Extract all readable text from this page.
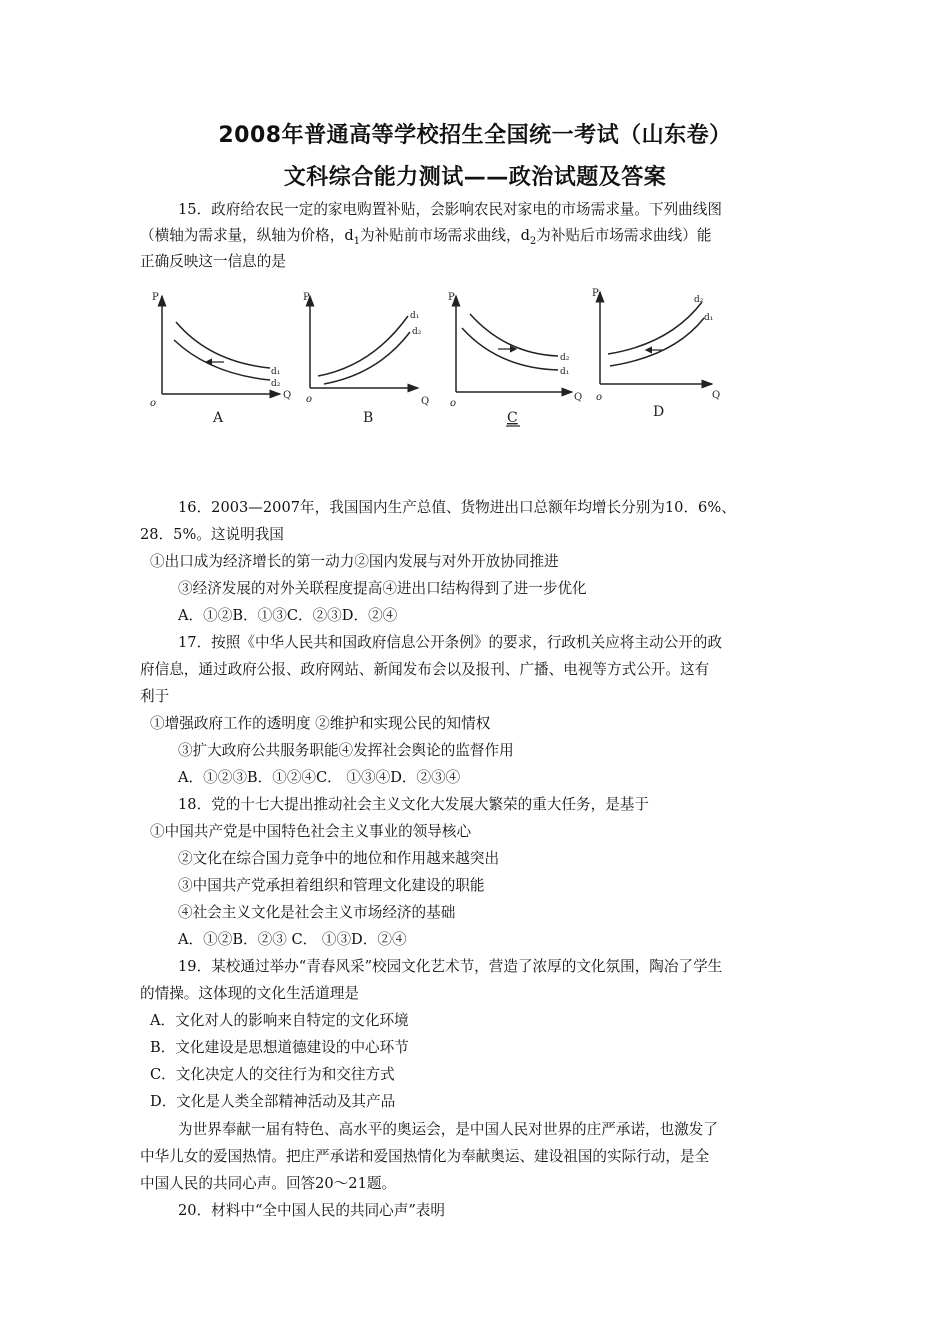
2008年普通高等学校招生全国统一考试（山东卷）
文科综合能力测试——政治试题及答案
15．政府给农民一定的家电购置补贴，会影响农民对家电的市场需求量。下列曲线图
（横轴为需求量，纵轴为价格，$d_1$为补贴前市场需求曲线，$d_2$为补贴后市场需求曲线）能
正确反映这一信息的是
P
Q
o
d₁
d₂
A
P
Q
o
d₁
d₂
B
P
Q
o
d₂
d₁
C
P
Q
o
d₂
d₁
D
16．2003—2007年，我国国内生产总值、货物进出口总额年均增长分别为10．6%、
28．5%。这说明我国
①出口成为经济增长的第一动力②国内发展与对外开放协同推进
③经济发展的对外关联程度提高④进出口结构得到了进一步优化
A．①②B．①③C．②③D．②④
17．按照《中华人民共和国政府信息公开条例》的要求，行政机关应将主动公开的政
府信息，通过政府公报、政府网站、新闻发布会以及报刊、广播、电视等方式公开。这有
利于
①增强政府工作的透明度 ②维护和实现公民的知情权
③扩大政府公共服务职能④发挥社会舆论的监督作用
A．①②③B．①②④C． ①③④D．②③④
18．党的十七大提出推动社会主义文化大发展大繁荣的重大任务，是基于
①中国共产党是中国特色社会主义事业的领导核心
②文化在综合国力竞争中的地位和作用越来越突出
③中国共产党承担着组织和管理文化建设的职能
④社会主义文化是社会主义市场经济的基础
A．①②B．②③ C． ①③D．②④
19．某校通过举办“青春风采”校园文化艺术节，营造了浓厚的文化氛围，陶冶了学生
的情操。这体现的文化生活道理是
A．文化对人的影响来自特定的文化环境
B．文化建设是思想道德建设的中心环节
C．文化决定人的交往行为和交往方式
D．文化是人类全部精神活动及其产品
为世界奉献一届有特色、高水平的奥运会，是中国人民对世界的庄严承诺，也激发了
中华儿女的爱国热情。把庄严承诺和爱国热情化为奉献奥运、建设祖国的实际行动，是全
中国人民的共同心声。回答20～21题。
20．材料中“全中国人民的共同心声”表明
